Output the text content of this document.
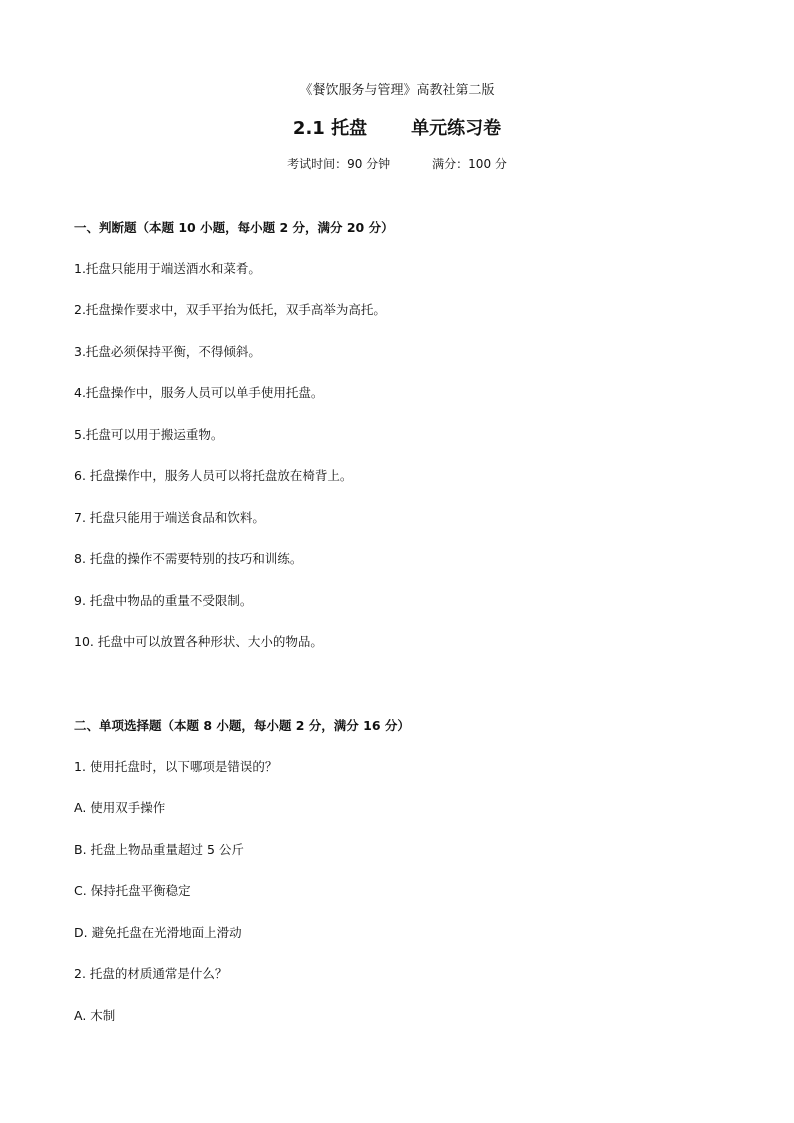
《餐饮服务与管理》高教社第二版
2.1 托盘 单元练习卷
考试时间：90 分钟	满分：100 分
一、判断题（本题 10 小题，每小题 2 分，满分 20 分）
1.托盘只能用于端送酒水和菜肴。
2.托盘操作要求中，双手平抬为低托，双手高举为高托。
3.托盘必须保持平衡，不得倾斜。
4.托盘操作中，服务人员可以单手使用托盘。
5.托盘可以用于搬运重物。
6. 托盘操作中，服务人员可以将托盘放在椅背上。
7. 托盘只能用于端送食品和饮料。
8. 托盘的操作不需要特别的技巧和训练。
9. 托盘中物品的重量不受限制。
10. 托盘中可以放置各种形状、大小的物品。
二、单项选择题（本题 8 小题，每小题 2 分，满分 16 分）
1. 使用托盘时，以下哪项是错误的？
A. 使用双手操作
B. 托盘上物品重量超过 5 公斤
C. 保持托盘平衡稳定
D. 避免托盘在光滑地面上滑动
2. 托盘的材质通常是什么？
A. 木制
